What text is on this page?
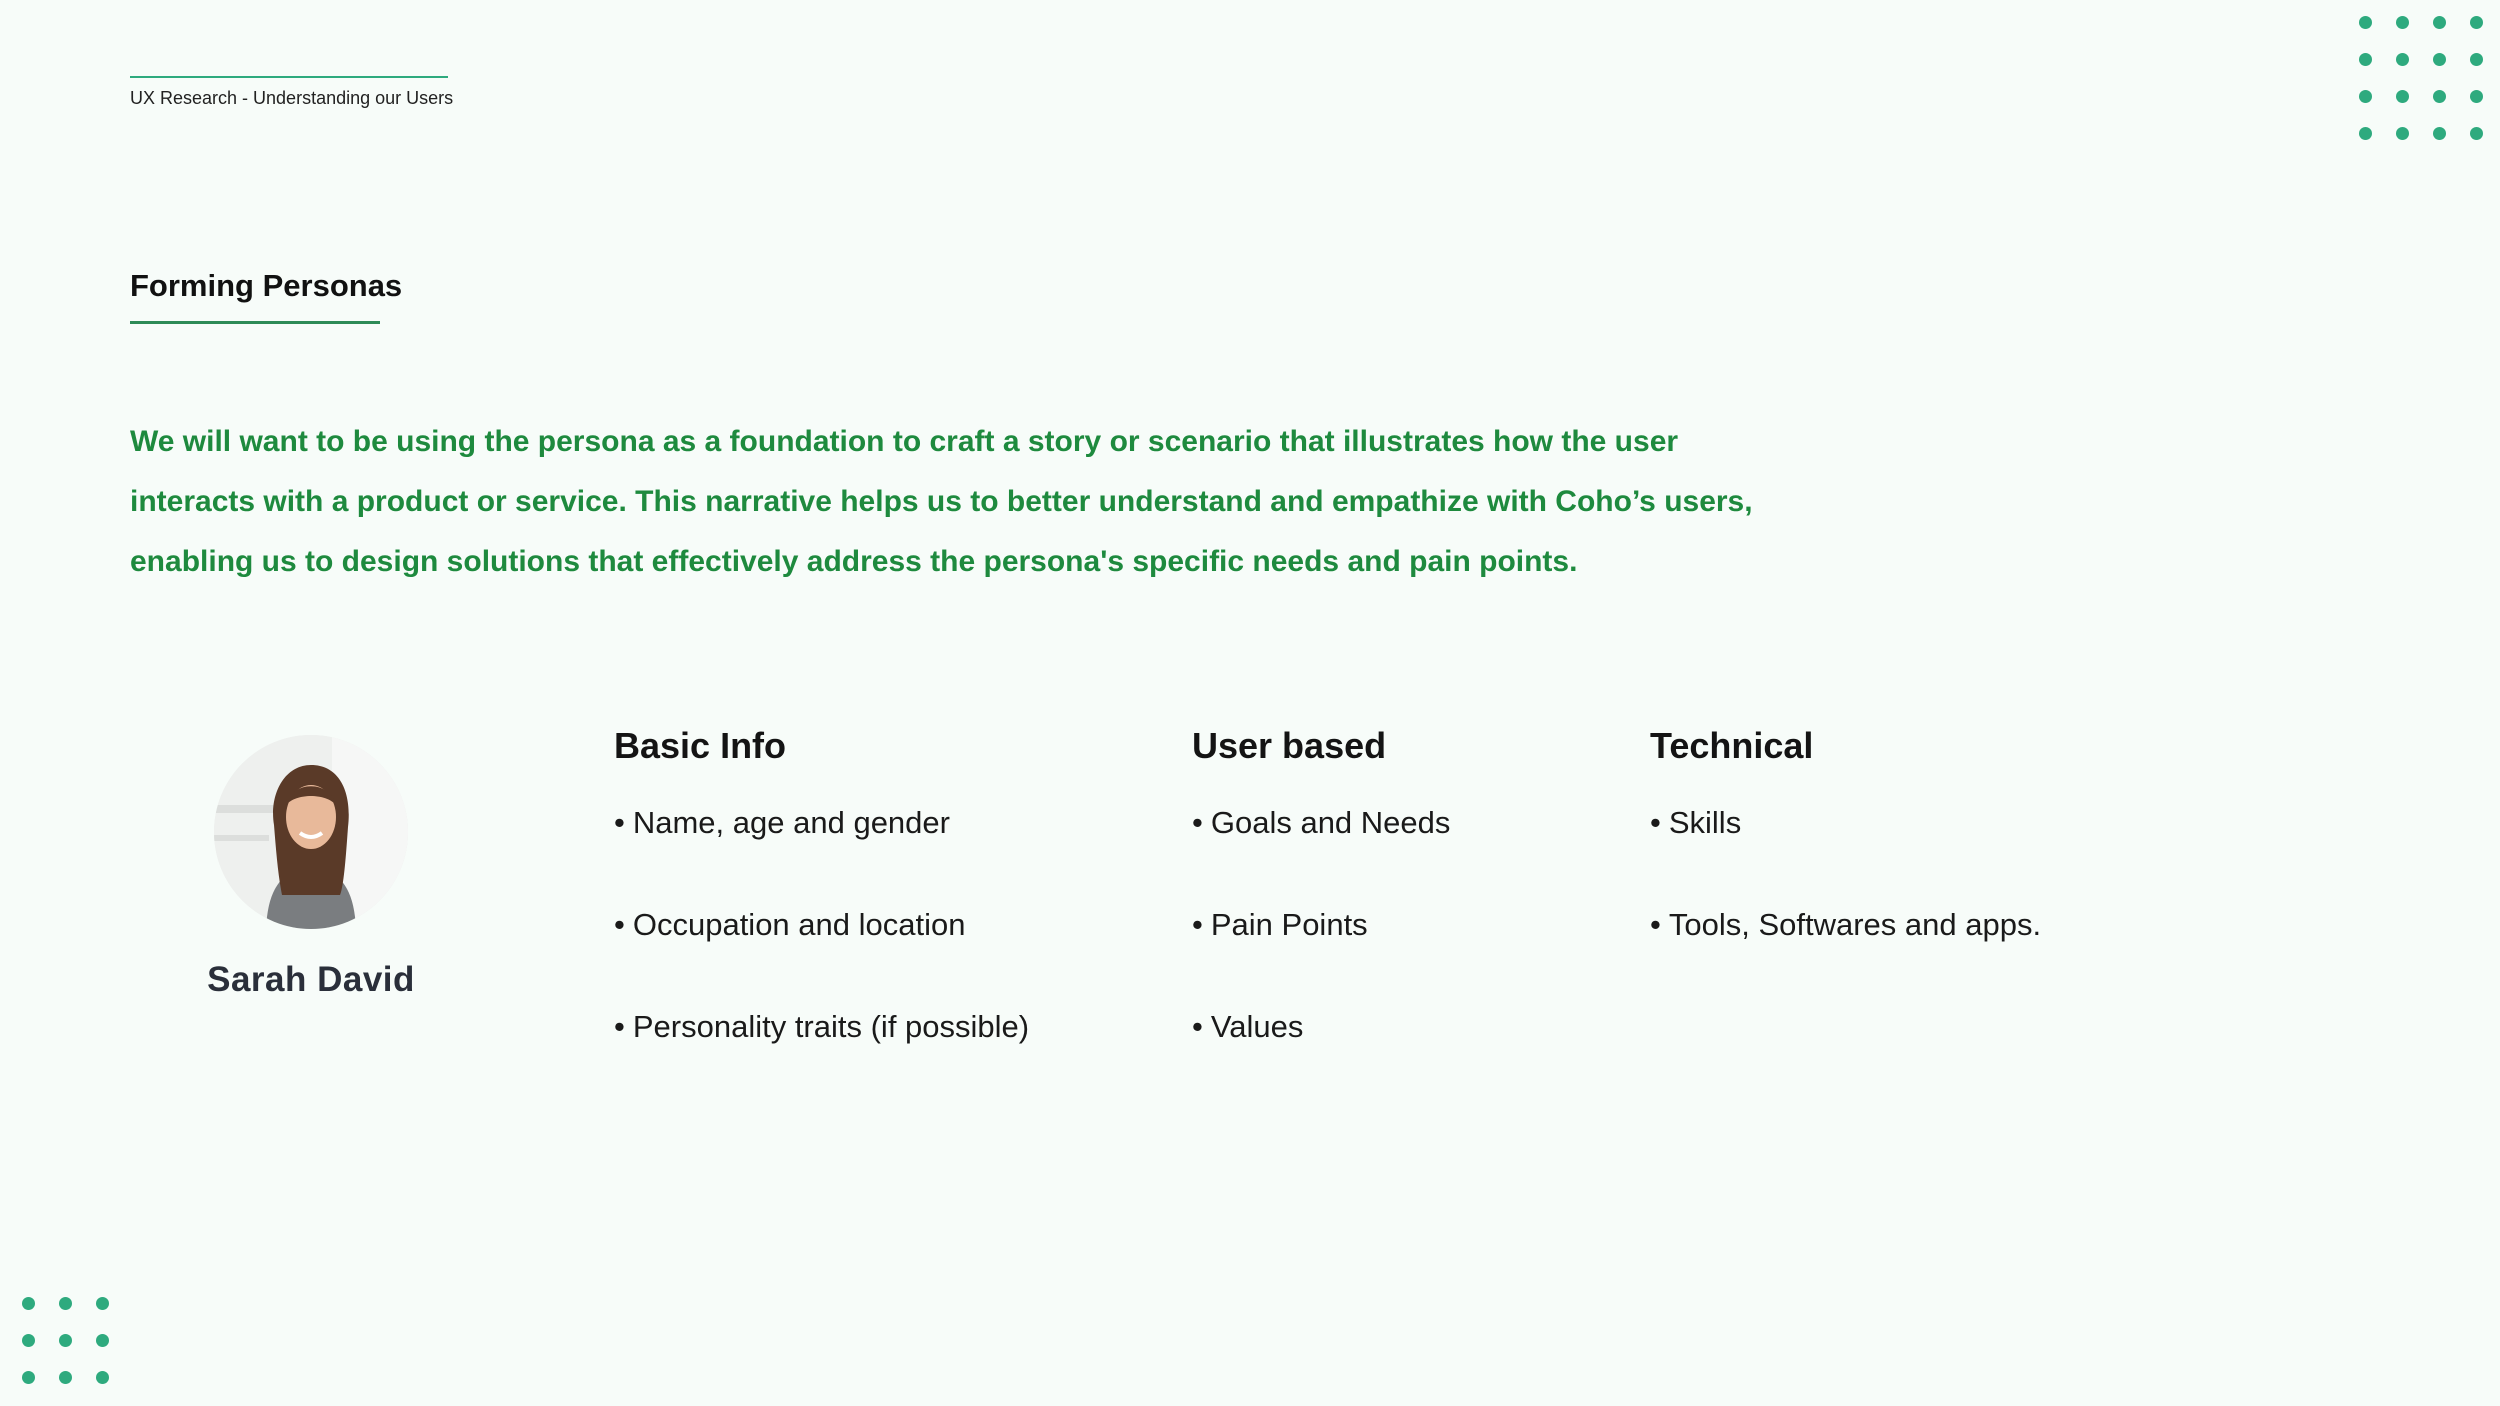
UX Research - Understanding our Users
Forming Personas
We will want to be using the persona as a foundation to craft a story or scenario that illustrates how the user
interacts with a product or service. This narrative helps us to better understand and empathize with Coho’s users,
enabling us to design solutions that effectively address the persona's specific needs and pain points.
Sarah David
Basic Info
• Name, age and gender
• Occupation and location
• Personality traits (if possible)
User based
• Goals and Needs
• Pain Points
• Values
Technical
• Skills
• Tools, Softwares and apps.
